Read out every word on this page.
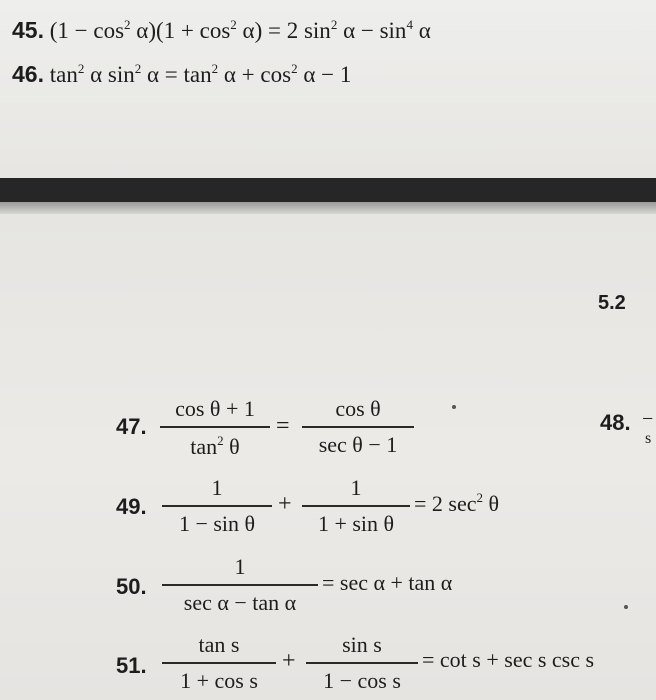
45. $(1 - \cos^2 \alpha)(1 + \cos^2 \alpha) = 2$ $\sin^2 \alpha - \sin^4 \alpha$
46. $\tan^2 \alpha$ $\sin^2 \alpha = \tan^2 \alpha + \cos^2 \alpha - 1$
5.2
47.
cos θ + 1
$\tan^2 \theta$
=
cos θ
sec θ − 1
48. −
s
49.
1
1 − sin θ
+
1
1 + sin θ
= 2 $\sec^2 \theta$
50.
1
sec α − tan α
= sec α + tan α
51.
tan s
1 + cos s
+
sin s
1 − cos s
= cot s + sec s csc s
